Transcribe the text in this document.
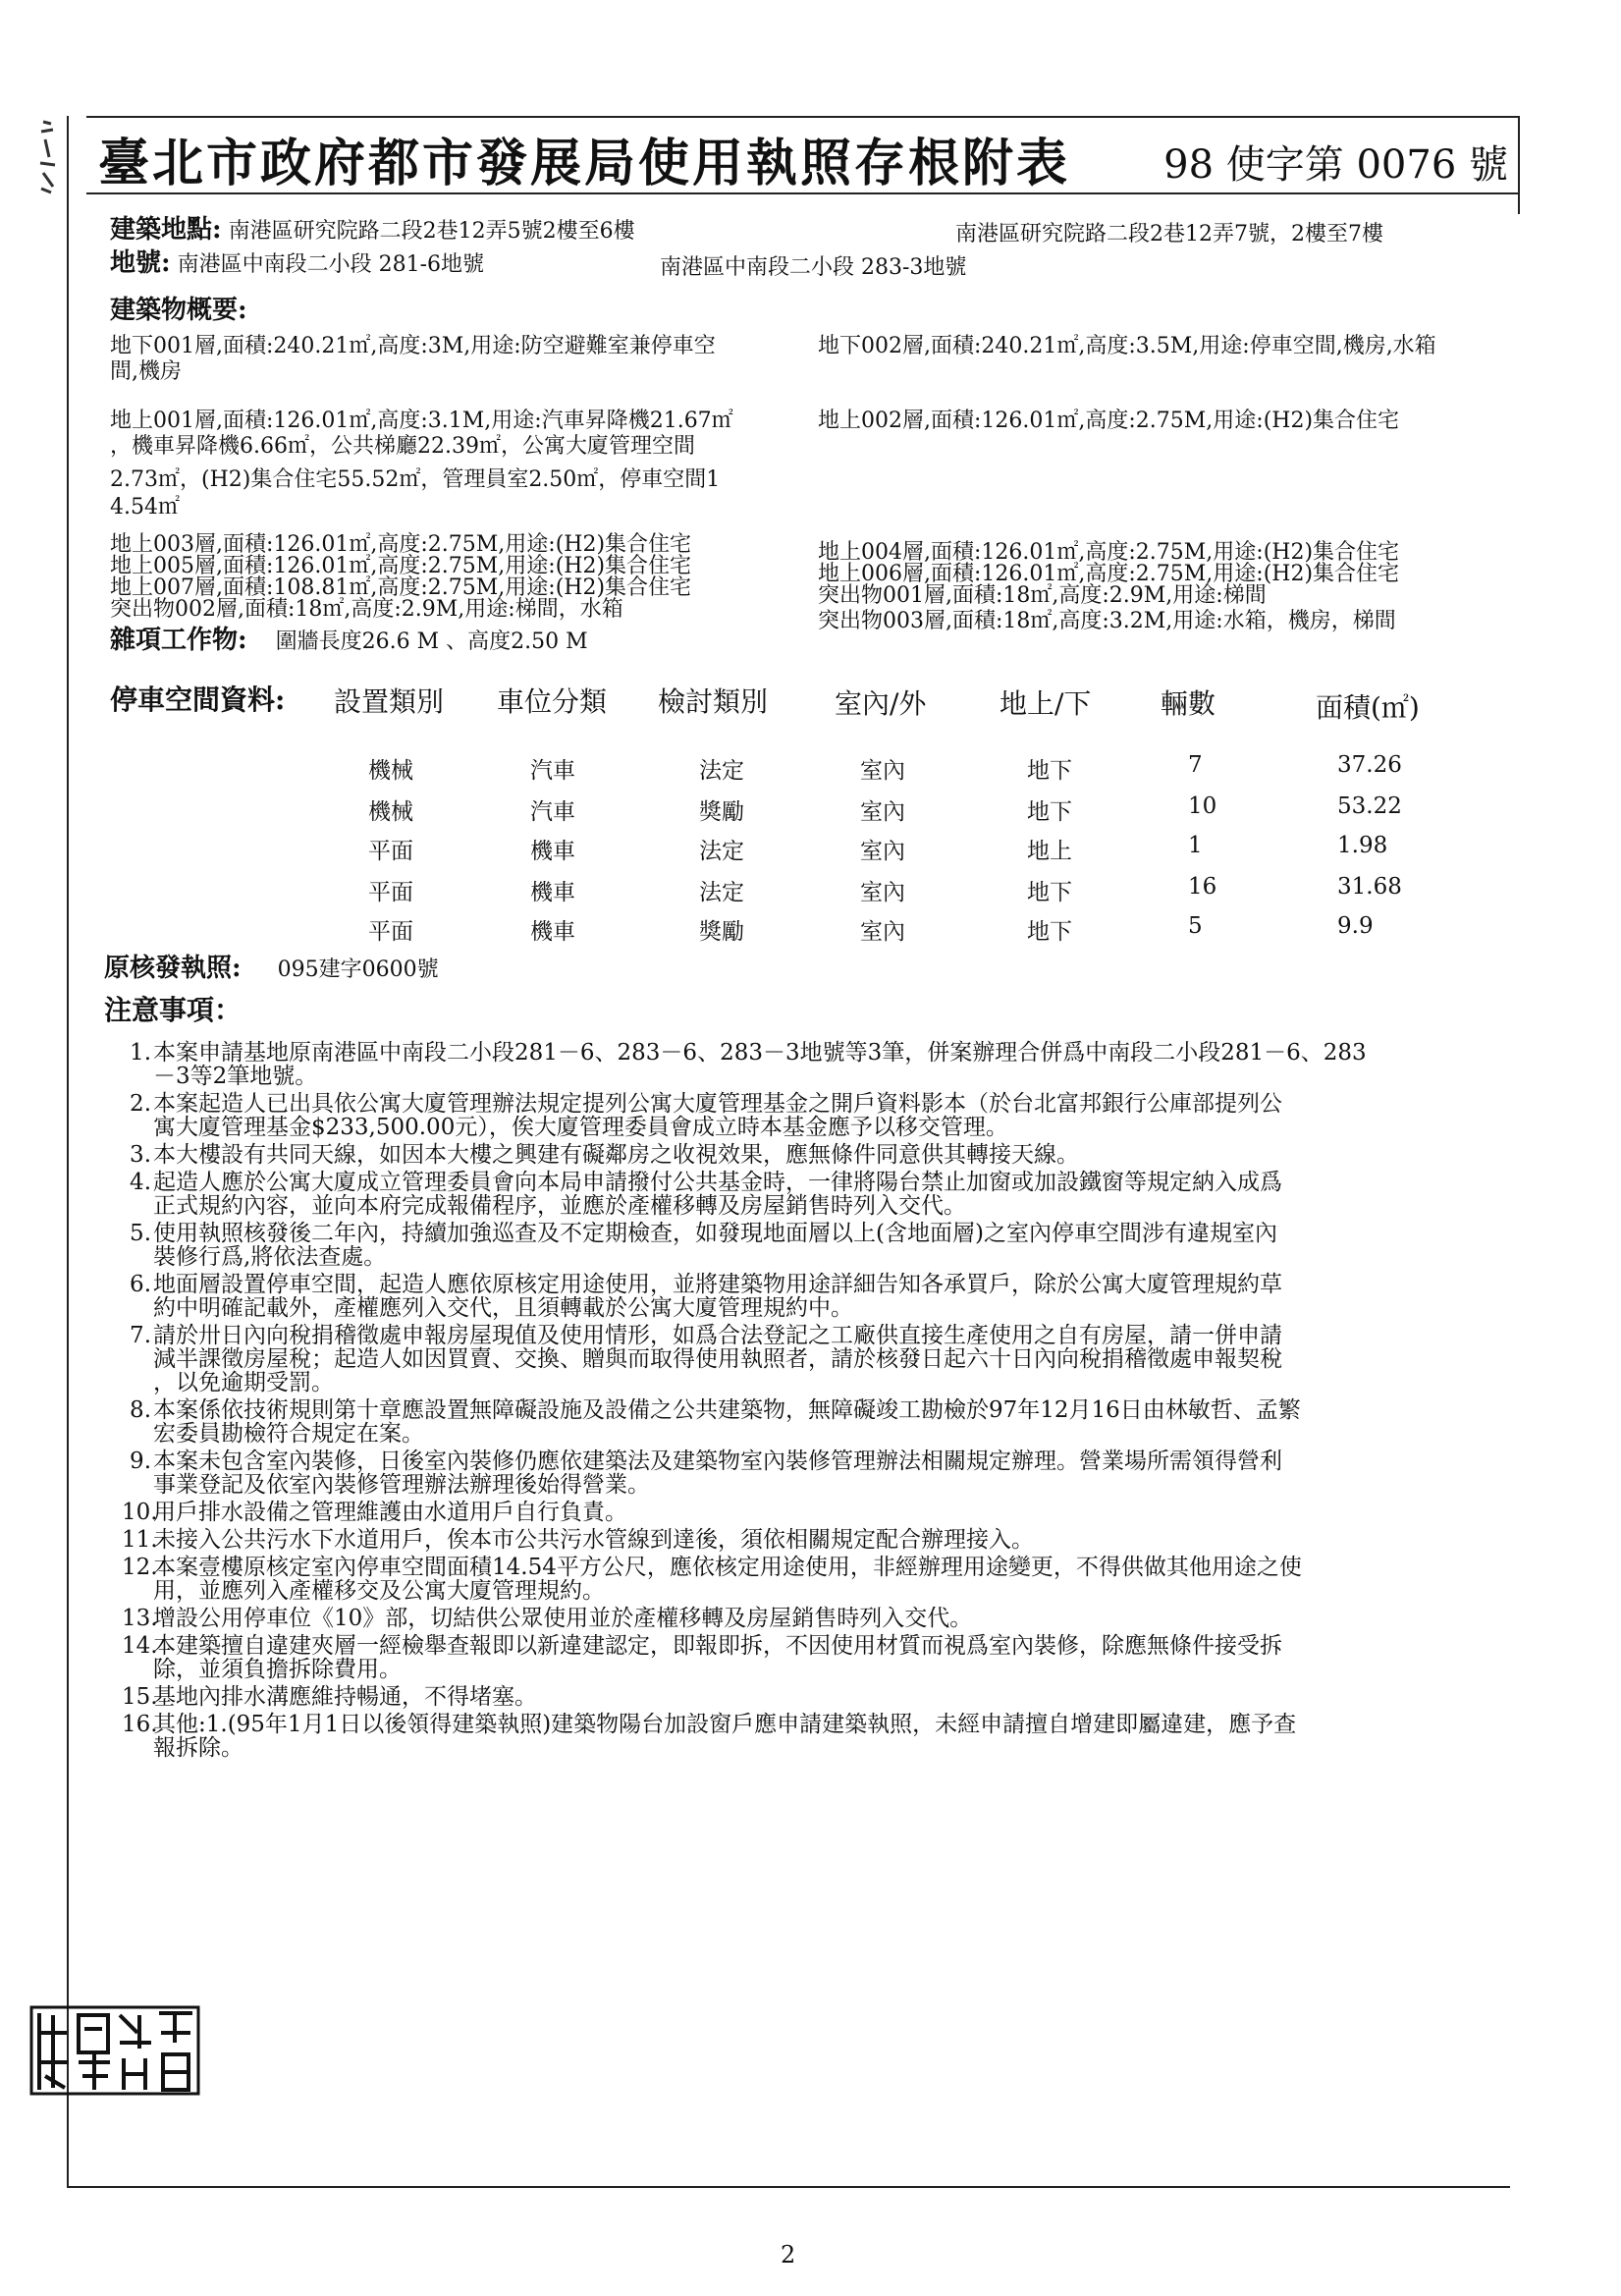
臺北市政府都市發展局使用執照存根附表 98 使字第 0076 號
建築地點: 南港區研究院路二段2巷12弄5號2樓至6樓	南港區研究院路二段2巷12弄7號，2樓至7樓
地號: 南港區中南段二小段 281-6地號	南港區中南段二小段 283-3地號
建築物概要:
地下001層,面積:240.21㎡,高度:3M,用途:防空避難室兼停車空	地下002層,面積:240.21㎡,高度:3.5M,用途:停車空間,機房,水箱
間,機房
地上001層,面積:126.01㎡,高度:3.1M,用途:汽車昇降機21.67㎡	地上002層,面積:126.01㎡,高度:2.75M,用途:(H2)集合住宅
，機車昇降機6.66㎡，公共梯廳22.39㎡，公寓大廈管理空間
2.73㎡，(H2)集合住宅55.52㎡，管理員室2.50㎡，停車空間1
4.54㎡
地上003層,面積:126.01㎡,高度:2.75M,用途:(H2)集合住宅	地上004層,面積:126.01㎡,高度:2.75M,用途:(H2)集合住宅
地上005層,面積:126.01㎡,高度:2.75M,用途:(H2)集合住宅	地上006層,面積:126.01㎡,高度:2.75M,用途:(H2)集合住宅
地上007層,面積:108.81㎡,高度:2.75M,用途:(H2)集合住宅	突出物001層,面積:18㎡,高度:2.9M,用途:梯間
突出物002層,面積:18㎡,高度:2.9M,用途:梯間，水箱	突出物003層,面積:18㎡,高度:3.2M,用途:水箱，機房，梯間
雜項工作物: 圍牆長度26.6 M 、高度2.50 M
停車空間資料: 設置類別 車位分類 檢討類別 室內/外	地上/下	輛數	面積(㎡)
機械	汽車	法定	室內	地下	7	37.26
機械	汽車	獎勵	室內	地下	10	53.22
平面	機車	法定	室內	地上	1	1.98
平面	機車	法定	室內	地下	16	31.68
平面	機車	獎勵	室內	地下	5	9.9
原核發執照: 095建字0600號
注意事項：
1 . 本案申請基地原南港區中南段二小段281－6、283－6、283－3地號等3筆，併案辦理合併爲中南段二小段281－6、283
－3等2筆地號。
2 . 本案起造人已出具依公寓大廈管理辦法規定提列公寓大廈管理基金之開戶資料影本（於台北富邦銀行公庫部提列公
寓大廈管理基金$233,500.00元），俟大廈管理委員會成立時本基金應予以移交管理。
3 . 本大樓設有共同天線，如因本大樓之興建有礙鄰房之收視效果，應無條件同意供其轉接天線。
4 . 起造人應於公寓大廈成立管理委員會向本局申請撥付公共基金時，一律將陽台禁止加窗或加設鐵窗等規定納入成爲
正式規約內容，並向本府完成報備程序，並應於產權移轉及房屋銷售時列入交代。
5 . 使用執照核發後二年內，持續加強巡查及不定期檢查，如發現地面層以上(含地面層)之室內停車空間涉有違規室內
裝修行爲,將依法查處。
6 . 地面層設置停車空間，起造人應依原核定用途使用，並將建築物用途詳細告知各承買戶，除於公寓大廈管理規約草
約中明確記載外，產權應列入交代，且須轉載於公寓大廈管理規約中。
7 . 請於卅日內向稅捐稽徵處申報房屋現值及使用情形，如爲合法登記之工廠供直接生產使用之自有房屋，請一併申請
減半課徵房屋稅；起造人如因買賣、交換、贈與而取得使用執照者，請於核發日起六十日內向稅捐稽徵處申報契稅
，以免逾期受罰。
8 . 本案係依技術規則第十章應設置無障礙設施及設備之公共建築物，無障礙竣工勘檢於97年12月16日由林敏哲、孟繁
宏委員勘檢符合規定在案。
9 . 本案未包含室內裝修，日後室內裝修仍應依建築法及建築物室內裝修管理辦法相關規定辦理。營業場所需領得營利
事業登記及依室內裝修管理辦法辦理後始得營業。
10 . 用戶排水設備之管理維護由水道用戶自行負責。
11 . 未接入公共污水下水道用戶，俟本市公共污水管線到達後，須依相關規定配合辦理接入。
12 . 本案壹樓原核定室內停車空間面積14.54平方公尺，應依核定用途使用，非經辦理用途變更，不得供做其他用途之使
用，並應列入產權移交及公寓大廈管理規約。
13 . 增設公用停車位《10》部，切結供公眾使用並於產權移轉及房屋銷售時列入交代。
14 . 本建築擅自違建夾層一經檢舉查報即以新違建認定，即報即拆，不因使用材質而視爲室內裝修，除應無條件接受拆
除，並須負擔拆除費用。
15 . 基地內排水溝應維持暢通，不得堵塞。
16 . 其他:1.(95年1月1日以後領得建築執照)建築物陽台加設窗戶應申請建築執照，未經申請擅自增建即屬違建，應予查
報拆除。
2
